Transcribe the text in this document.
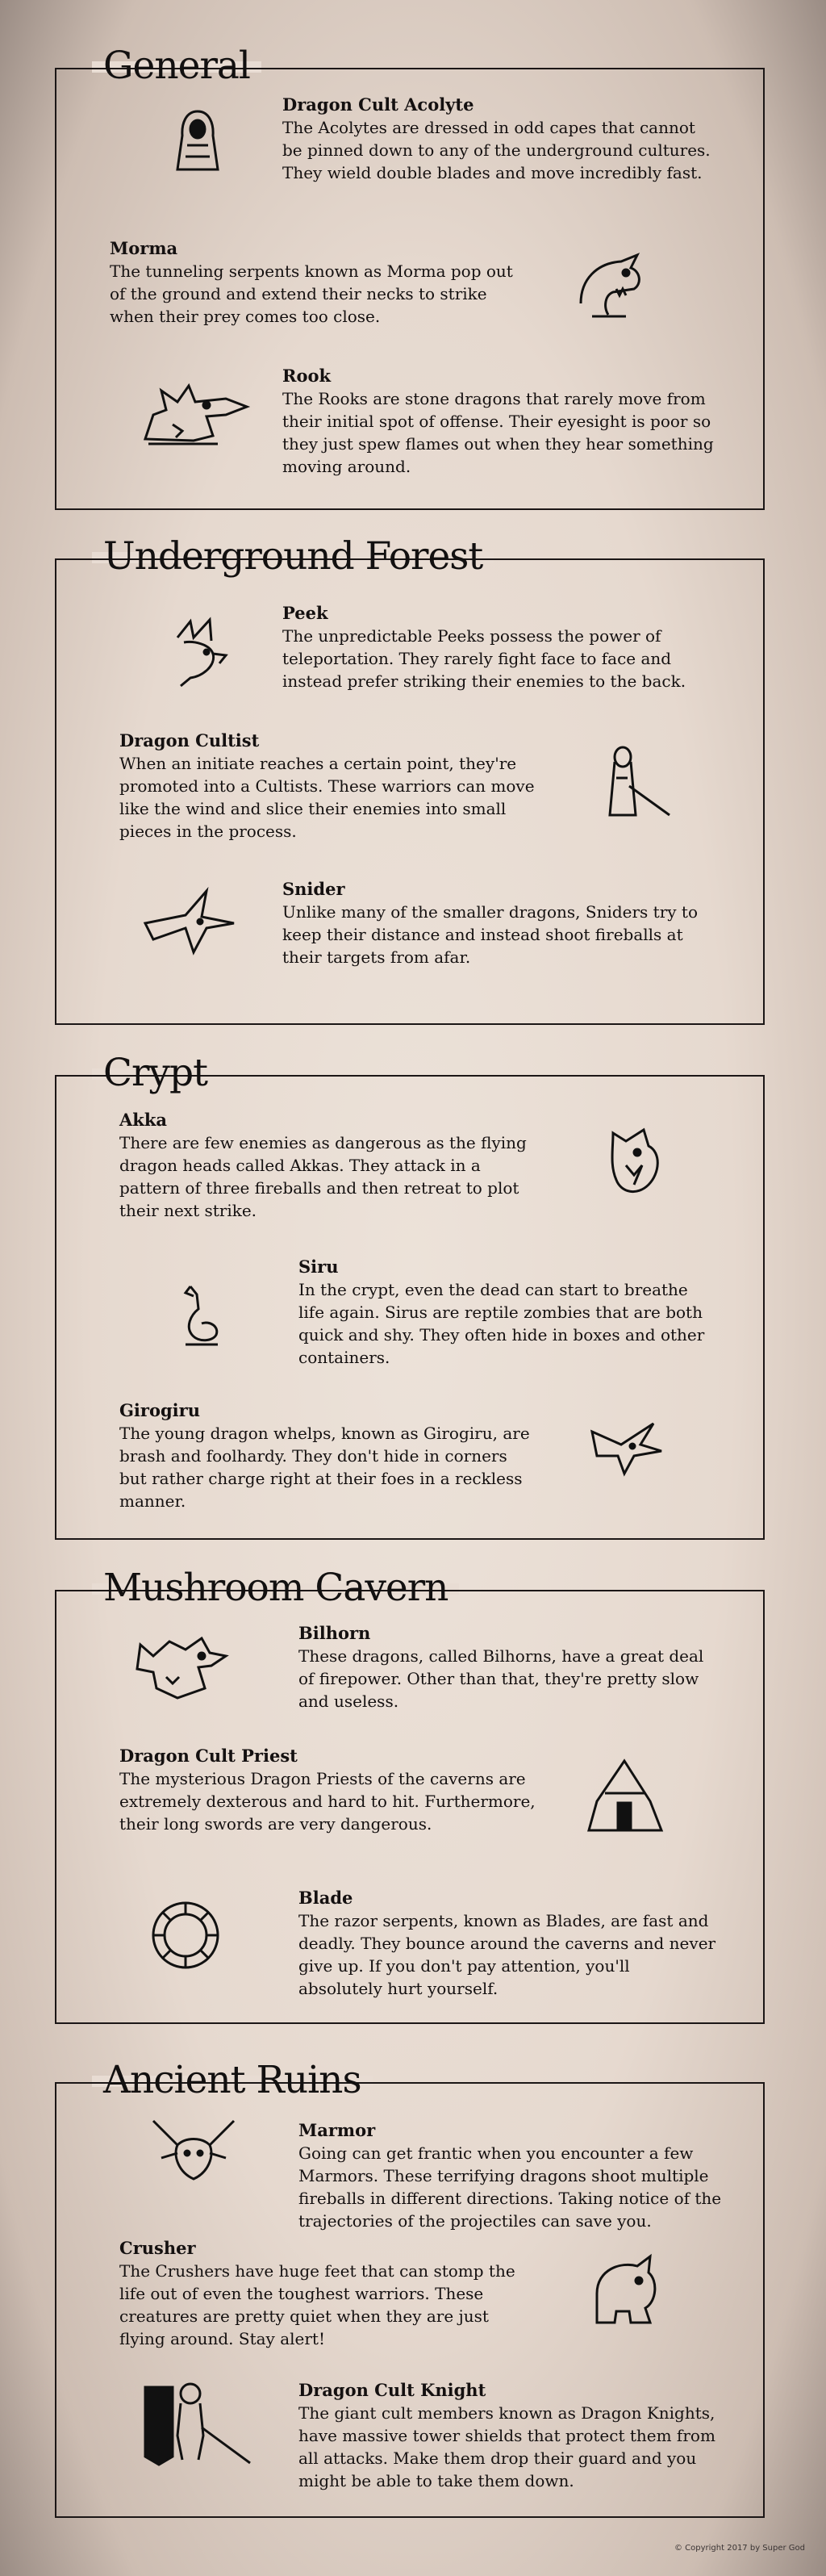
General
Dragon Cult Acolyte
The Acolytes are dressed in odd capes that cannot be pinned down to any of the underground cultures. They wield double blades and move incredibly fast.
Morma
The tunneling serpents known as Morma pop out of the ground and extend their necks to strike when their prey comes too close.
Rook
The Rooks are stone dragons that rarely move from their initial spot of offense. Their eyesight is poor so they just spew flames out when they hear something moving around.
Underground Forest
Peek
The unpredictable Peeks possess the power of teleportation. They rarely fight face to face and instead prefer striking their enemies to the back.
Dragon Cultist
When an initiate reaches a certain point, they're promoted into a Cultists. These warriors can move like the wind and slice their enemies into small pieces in the process.
Snider
Unlike many of the smaller dragons, Sniders try to keep their distance and instead shoot fireballs at their targets from afar.
Crypt
Akka
There are few enemies as dangerous as the flying dragon heads called Akkas. They attack in a pattern of three fireballs and then retreat to plot their next strike.
Siru
In the crypt, even the dead can start to breathe life again. Sirus are reptile zombies that are both quick and shy. They often hide in boxes and other containers.
Girogiru
The young dragon whelps, known as Girogiru, are brash and foolhardy. They don't hide in corners but rather charge right at their foes in a reckless manner.
Mushroom Cavern
Bilhorn
These dragons, called Bilhorns, have a great deal of firepower. Other than that, they're pretty slow and useless.
Dragon Cult Priest
The mysterious Dragon Priests of the caverns are extremely dexterous and hard to hit. Furthermore, their long swords are very dangerous.
Blade
The razor serpents, known as Blades, are fast and deadly. They bounce around the caverns and never give up. If you don't pay attention, you'll absolutely hurt yourself.
Ancient Ruins
Marmor
Going can get frantic when you encounter a few Marmors. These terrifying dragons shoot multiple fireballs in different directions. Taking notice of the trajectories of the projectiles can save you.
Crusher
The Crushers have huge feet that can stomp the life out of even the toughest warriors. These creatures are pretty quiet when they are just flying around. Stay alert!
Dragon Cult Knight
The giant cult members known as Dragon Knights, have massive tower shields that protect them from all attacks. Make them drop their guard and you might be able to take them down.
© Copyright 2017 by Super God
